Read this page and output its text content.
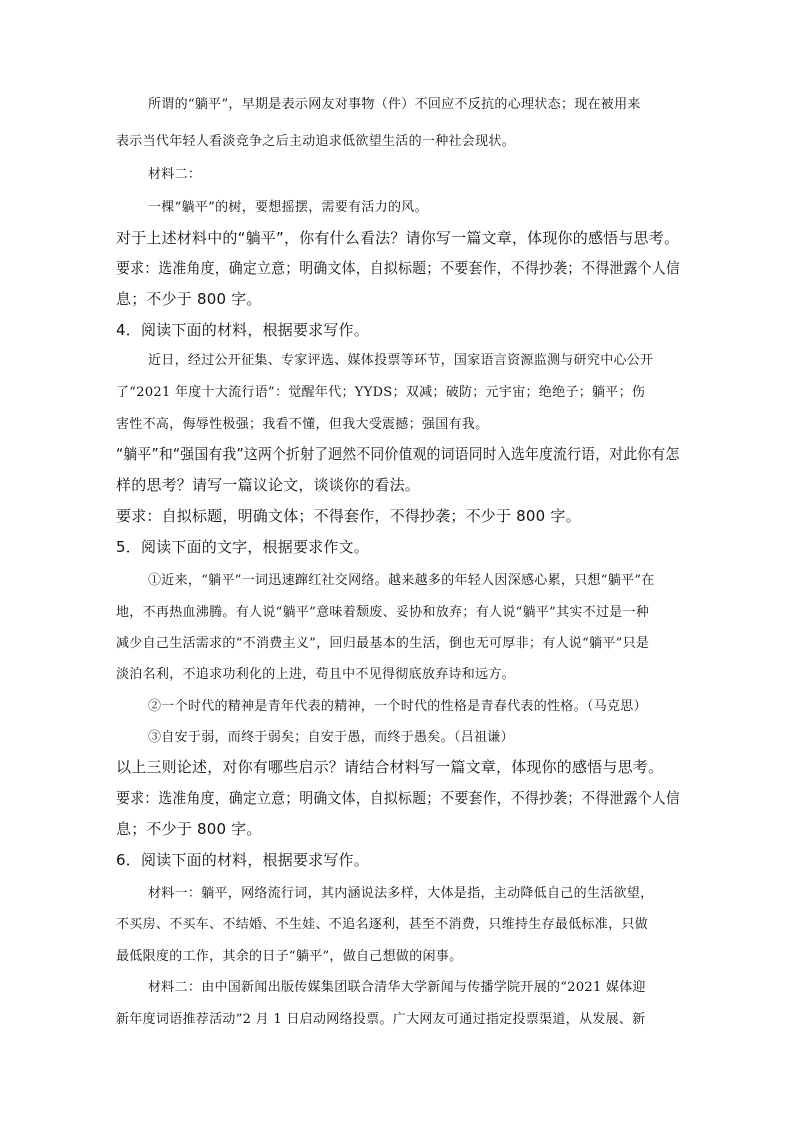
所谓的“躺平”，早期是表示网友对事物（件）不回应不反抗的心理状态；现在被用来
表示当代年轻人看淡竞争之后主动追求低欲望生活的一种社会现状。
材料二：
一棵“躺平”的树，要想摇摆，需要有活力的风。
对于上述材料中的“躺平”，你有什么看法？请你写一篇文章，体现你的感悟与思考。
要求：选准角度，确定立意；明确文体，自拟标题；不要套作，不得抄袭；不得泄露个人信
息；不少于 800 字。
4．阅读下面的材料，根据要求写作。
近日，经过公开征集、专家评选、媒体投票等环节，国家语言资源监测与研究中心公开
了“2021 年度十大流行语”：觉醒年代；YYDS；双减；破防；元宇宙；绝绝子；躺平；伤
害性不高，侮辱性极强；我看不懂，但我大受震撼；强国有我。
“躺平”和“强国有我”这两个折射了迥然不同价值观的词语同时入选年度流行语，对此你有怎
样的思考？请写一篇议论文，谈谈你的看法。
要求：自拟标题，明确文体；不得套作，不得抄袭；不少于 800 字。
5．阅读下面的文字，根据要求作文。
①近来，“躺平”一词迅速蹿红社交网络。越来越多的年轻人因深感心累，只想“躺平”在
地，不再热血沸腾。有人说“躺平”意味着颓废、妥协和放弃；有人说“躺平”其实不过是一种
减少自己生活需求的“不消费主义”，回归最基本的生活，倒也无可厚非；有人说“躺平”只是
淡泊名利，不追求功利化的上进，苟且中不见得彻底放弃诗和远方。
②一个时代的精神是青年代表的精神，一个时代的性格是青春代表的性格。（马克思）
③自安于弱，而终于弱矣；自安于愚，而终于愚矣。（吕祖谦）
以上三则论述，对你有哪些启示？请结合材料写一篇文章，体现你的感悟与思考。
要求：选准角度，确定立意；明确文体，自拟标题；不要套作，不得抄袭；不得泄露个人信
息；不少于 800 字。
6．阅读下面的材料，根据要求写作。
材料一：躺平，网络流行词，其内涵说法多样，大体是指，主动降低自己的生活欲望，
不买房、不买车、不结婚、不生娃、不追名逐利，甚至不消费，只维持生存最低标准，只做
最低限度的工作，其余的日子“躺平”，做自己想做的闲事。
材料二：由中国新闻出版传媒集团联合清华大学新闻与传播学院开展的“2021 媒体迎
新年度词语推荐活动”2 月 1 日启动网络投票。广大网友可通过指定投票渠道，从发展、新
